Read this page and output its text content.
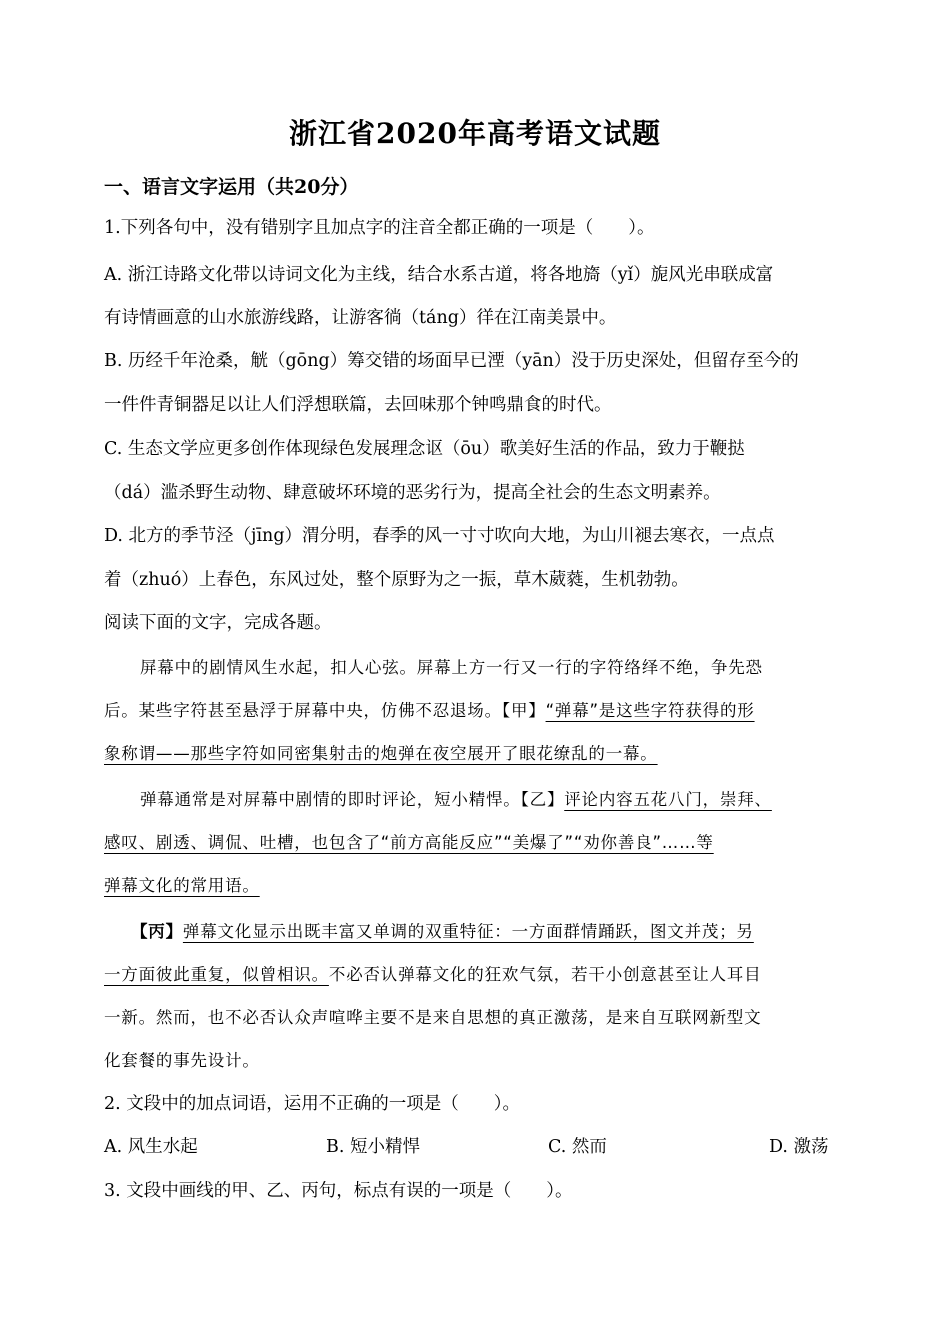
浙江省2020年高考语文试题
一、语言文字运用（共20分）
1.下列各句中，没有错别字且加点字的注音全都正确的一项是（　　）。
A. 浙江诗路文化带以诗词文化为主线，结合水系古道，将各地旖（yǐ）旎风光串联成富
有诗情画意的山水旅游线路，让游客徜（táng）徉在江南美景中。
B. 历经千年沧桑，觥（gōng）筹交错的场面早已湮（yān）没于历史深处，但留存至今的
一件件青铜器足以让人们浮想联篇，去回味那个钟鸣鼎食的时代。
C. 生态文学应更多创作体现绿色发展理念讴（ōu）歌美好生活的作品，致力于鞭挞
（dá）滥杀野生动物、肆意破坏环境的恶劣行为，提高全社会的生态文明素养。
D. 北方的季节泾（jīng）渭分明，春季的风一寸寸吹向大地，为山川褪去寒衣，一点点
着（zhuó）上春色，东风过处，整个原野为之一振，草木葳蕤，生机勃勃。
阅读下面的文字，完成各题。
屏幕中的剧情风生水起，扣人心弦。屏幕上方一行又一行的字符络绎不绝，争先恐
后。某些字符甚至悬浮于屏幕中央，仿佛不忍退场。【甲】“弹幕”是这些字符获得的形
象称谓——那些字符如同密集射击的炮弹在夜空展开了眼花缭乱的一幕。
弹幕通常是对屏幕中剧情的即时评论，短小精悍。【乙】评论内容五花八门，崇拜、
感叹、剧透、调侃、吐槽，也包含了“前方高能反应”“美爆了”“劝你善良”……等
弹幕文化的常用语。
【丙】弹幕文化显示出既丰富又单调的双重特征：一方面群情踊跃，图文并茂；另
一方面彼此重复，似曾相识。不必否认弹幕文化的狂欢气氛，若干小创意甚至让人耳目
一新。然而，也不必否认众声喧哗主要不是来自思想的真正激荡，是来自互联网新型文
化套餐的事先设计。
2. 文段中的加点词语，运用不正确的一项是（　　）。
A. 风生水起	B. 短小精悍	C. 然而	D. 激荡
3. 文段中画线的甲、乙、丙句，标点有误的一项是（　　）。
